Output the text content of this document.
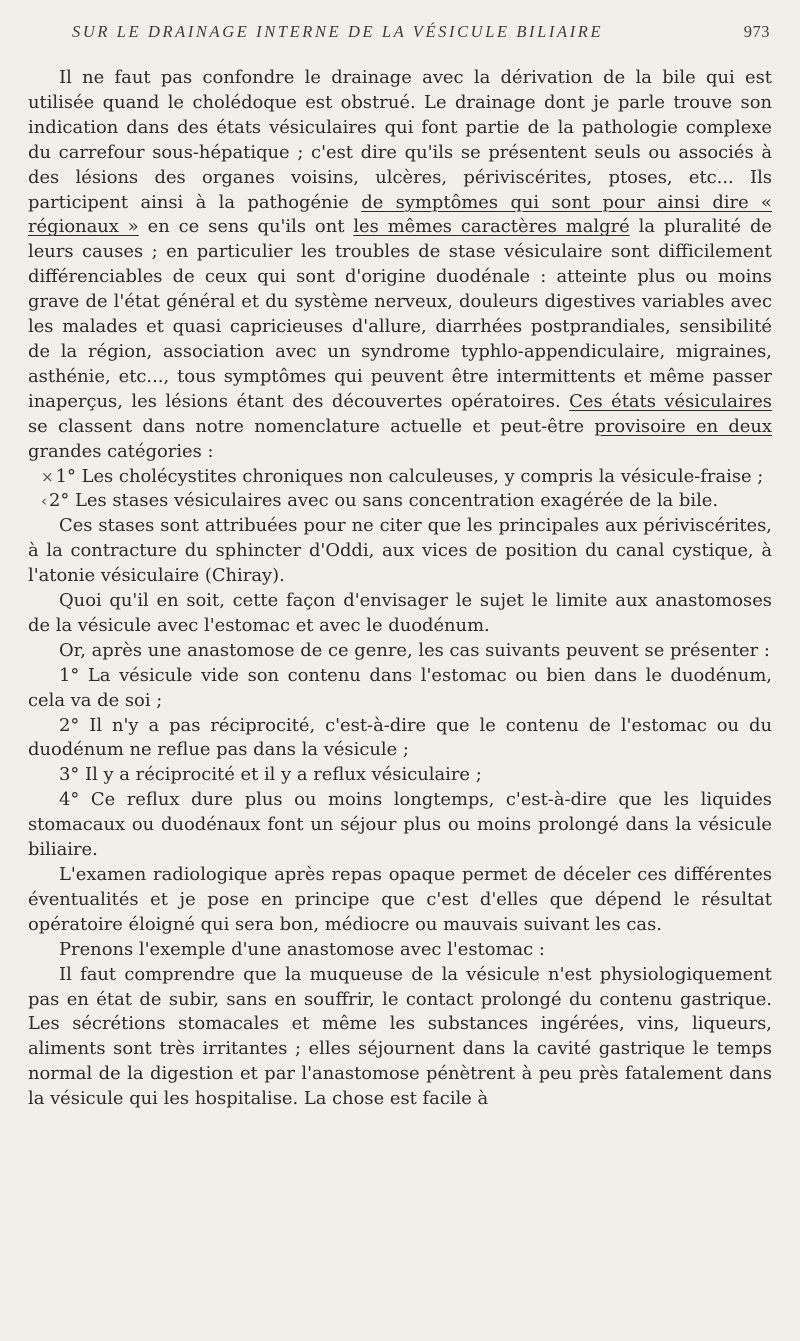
SUR LE DRAINAGE INTERNE DE LA VÉSICULE BILIAIRE	973

Il ne faut pas confondre le drainage avec la dérivation de la bile qui est utilisée quand le cholédoque est obstrué. Le drainage dont je parle trouve son indication dans des états vésiculaires qui font partie de la pathologie complexe du carrefour sous-hépatique ; c'est dire qu'ils se présentent seuls ou associés à des lésions des organes voisins, ulcères, périviscérites, ptoses, etc... Ils participent ainsi à la pathogénie de symptômes qui sont pour ainsi dire « régionaux » en ce sens qu'ils ont les mêmes caractères malgré la pluralité de leurs causes ; en particulier les troubles de stase vésiculaire sont difficilement différenciables de ceux qui sont d'origine duodénale : atteinte plus ou moins grave de l'état général et du système nerveux, douleurs digestives variables avec les malades et quasi capricieuses d'allure, diarrhées postprandiales, sensibilité de la région, association avec un syndrome typhlo-appendiculaire, migraines, asthénie, etc..., tous symptômes qui peuvent être intermittents et même passer inaperçus, les lésions étant des découvertes opératoires. Ces états vésiculaires se classent dans notre nomenclature actuelle et peut-être provisoire en deux grandes catégories :

× 1° Les cholécystites chroniques non calculeuses, y compris la vésicule-fraise ;

‹ 2° Les stases vésiculaires avec ou sans concentration exagérée de la bile.

Ces stases sont attribuées pour ne citer que les principales aux périviscérites, à la contracture du sphincter d'Oddi, aux vices de position du canal cystique, à l'atonie vésiculaire (Chiray).

Quoi qu'il en soit, cette façon d'envisager le sujet le limite aux anastomoses de la vésicule avec l'estomac et avec le duodénum.

Or, après une anastomose de ce genre, les cas suivants peuvent se présenter :

1° La vésicule vide son contenu dans l'estomac ou bien dans le duodénum, cela va de soi ;

2° Il n'y a pas réciprocité, c'est-à-dire que le contenu de l'estomac ou du duodénum ne reflue pas dans la vésicule ;

3° Il y a réciprocité et il y a reflux vésiculaire ;

4° Ce reflux dure plus ou moins longtemps, c'est-à-dire que les liquides stomacaux ou duodénaux font un séjour plus ou moins prolongé dans la vésicule biliaire.

L'examen radiologique après repas opaque permet de déceler ces différentes éventualités et je pose en principe que c'est d'elles que dépend le résultat opératoire éloigné qui sera bon, médiocre ou mauvais suivant les cas.

Prenons l'exemple d'une anastomose avec l'estomac :

Il faut comprendre que la muqueuse de la vésicule n'est physiologiquement pas en état de subir, sans en souffrir, le contact prolongé du contenu gastrique. Les sécrétions stomacales et même les substances ingérées, vins, liqueurs, aliments sont très irritantes ; elles séjournent dans la cavité gastrique le temps normal de la digestion et par l'anastomose pénètrent à peu près fatalement dans la vésicule qui les hospitalise. La chose est facile à
